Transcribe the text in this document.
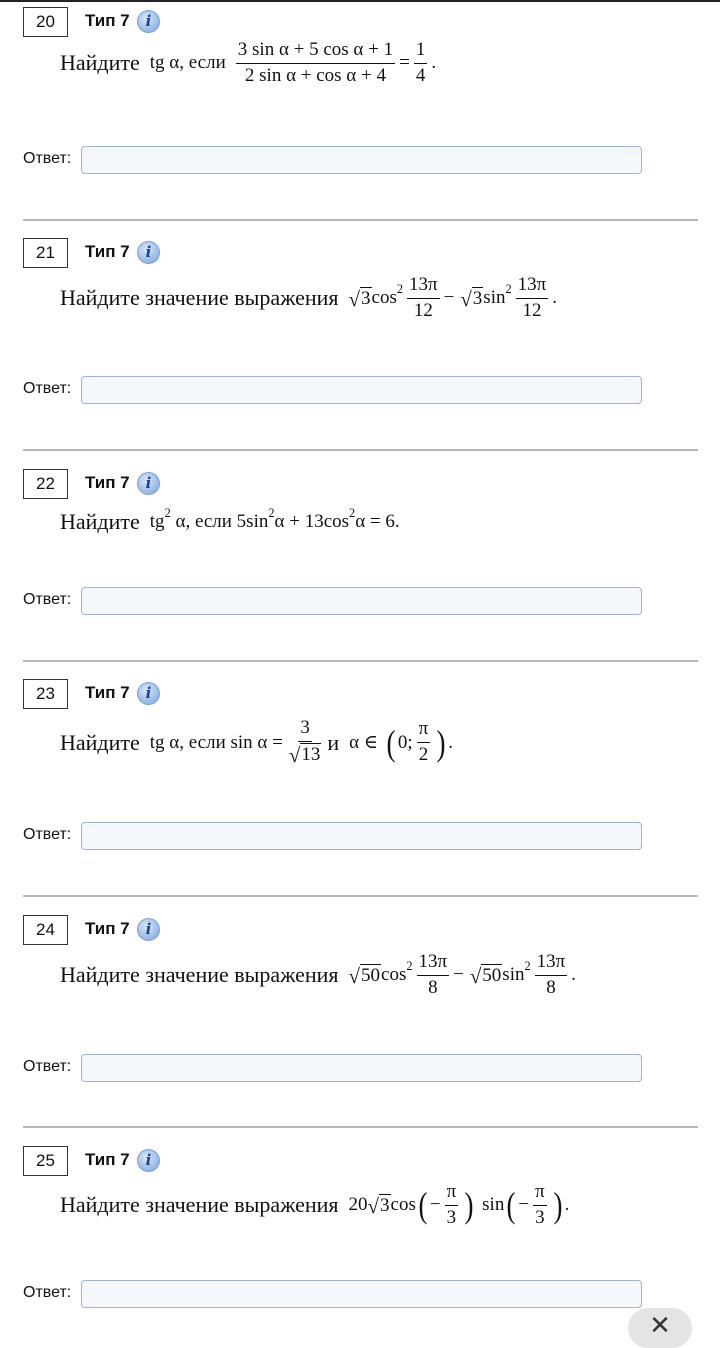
20	Тип 7	i
Найдите tg α, если $\frac{\text{3 sin α + 5 cos α + 1}}{\text{2 sin α + cos α + 4}} = \frac{1}{4}$ .
Ответ:
21	Тип 7	i
Найдите значение выражения √ 3 $\cos^2 \frac{13\pi}{12}$ − √ 3 $\sin^2 \frac{13\pi}{12}$ .
Ответ:
22	Тип 7	i
Найдите $tg^2$ α, если $5\sin^2\alpha + 13\cos^2\alpha = 6$.
Ответ:
23	Тип 7	i
Найдите tg α, если $\sin \alpha = \frac{3}{√ 13}$ и α ∈ ( 0; $\frac{\pi}{2}$ ) .
Ответ:
24	Тип 7	i
Найдите значение выражения √ 50 $\cos^2 \frac{13\pi}{8}$ − √ 50 $\sin^2 \frac{13\pi}{8}$ .
Ответ:
25	Тип 7	i
Найдите значение выражения 20 √ 3 cos ( − $\frac{\pi}{3}$ ) sin ( − $\frac{\pi}{3}$ ) .
Ответ:
✕
